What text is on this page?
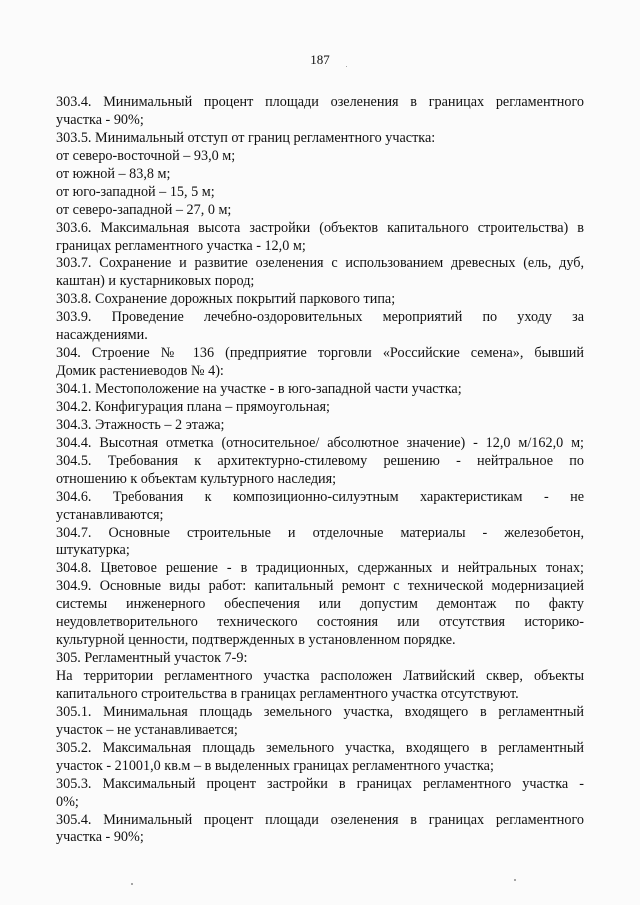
187
303.4. Минимальный процент площади озеленения в границах регламентного
участка - 90%;
303.5. Минимальный отступ от границ регламентного участка:
от северо-восточной – 93,0 м;
от южной – 83,8 м;
от юго-западной – 15, 5 м;
от северо-западной – 27, 0 м;
303.6. Максимальная высота застройки (объектов капитального строительства) в
границах регламентного участка - 12,0 м;
303.7. Сохранение и развитие озеленения с использованием древесных (ель, дуб,
каштан) и кустарниковых пород;
303.8. Сохранение дорожных покрытий паркового типа;
303.9. Проведение лечебно-оздоровительных мероприятий по уходу за
насаждениями.
304. Строение № 136 (предприятие торговли «Российские семена», бывший
Домик растениеводов № 4):
304.1. Местоположение на участке - в юго-западной части участка;
304.2. Конфигурация плана – прямоугольная;
304.3. Этажность – 2 этажа;
304.4. Высотная отметка (относительное/ абсолютное значение) - 12,0 м/162,0 м;
304.5. Требования к архитектурно-стилевому решению - нейтральное по
отношению к объектам культурного наследия;
304.6. Требования к композиционно-силуэтным характеристикам - не
устанавливаются;
304.7. Основные строительные и отделочные материалы - железобетон,
штукатурка;
304.8. Цветовое решение - в традиционных, сдержанных и нейтральных тонах;
304.9. Основные виды работ: капитальный ремонт с технической модернизацией
системы инженерного обеспечения или допустим демонтаж по факту
неудовлетворительного технического состояния или отсутствия историко-
культурной ценности, подтвержденных в установленном порядке.
305. Регламентный участок 7-9:
На территории регламентного участка расположен Латвийский сквер, объекты
капитального строительства в границах регламентного участка отсутствуют.
305.1. Минимальная площадь земельного участка, входящего в регламентный
участок – не устанавливается;
305.2. Максимальная площадь земельного участка, входящего в регламентный
участок - 21001,0 кв.м – в выделенных границах регламентного участка;
305.3. Максимальный процент застройки в границах регламентного участка -
0%;
305.4. Минимальный процент площади озеленения в границах регламентного
участка - 90%;
